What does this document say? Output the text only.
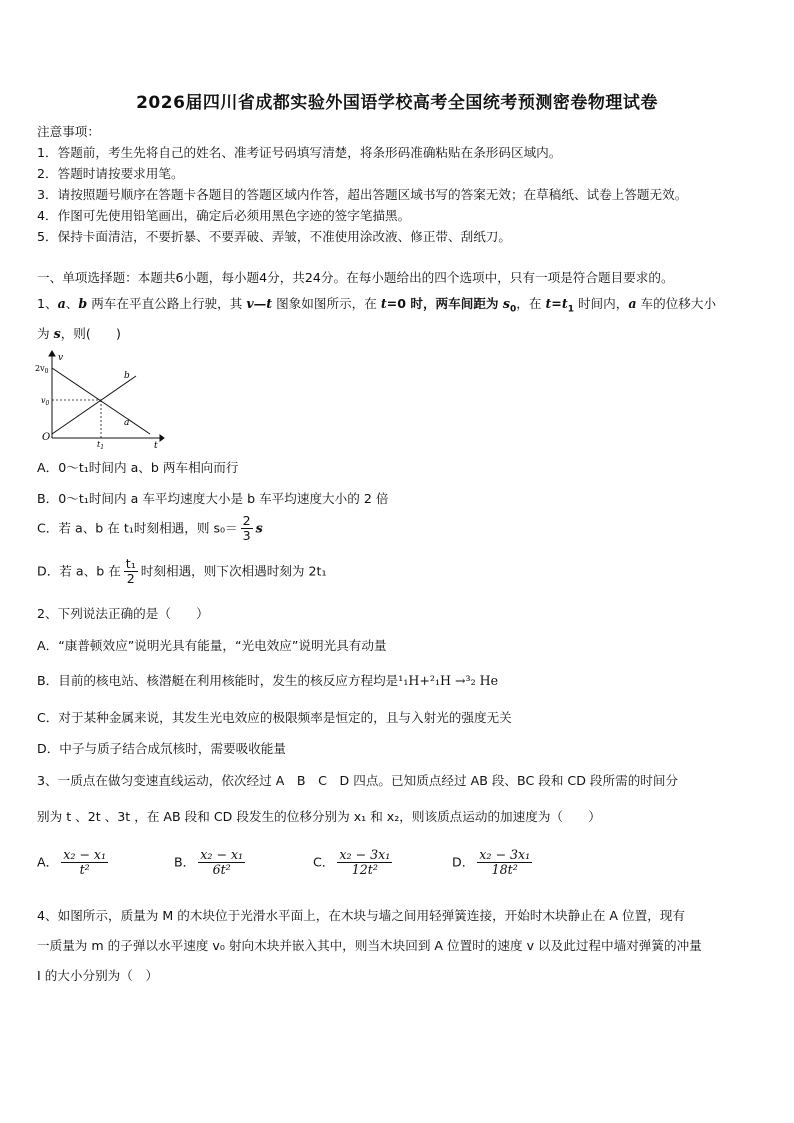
2026届四川省成都实验外国语学校高考全国统考预测密卷物理试卷
注意事项：
1．答题前，考生先将自己的姓名、准考证号码填写清楚，将条形码准确粘贴在条形码区域内。
2．答题时请按要求用笔。
3．请按照题号顺序在答题卡各题目的答题区域内作答，超出答题区域书写的答案无效；在草稿纸、试卷上答题无效。
4．作图可先使用铅笔画出，确定后必须用黑色字迹的签字笔描黑。
5．保持卡面清洁，不要折暴、不要弄破、弄皱，不准使用涂改液、修正带、刮纸刀。
一、单项选择题：本题共6小题，每小题4分，共24分。在每小题给出的四个选项中，只有一项是符合题目要求的。
1、a、b 两车在平直公路上行驶，其 v—t 图象如图所示，在 t=0 时，两车间距为 $s_0$，在 $t=t_1$ 时间内，a 车的位移大小
为 s，则(　　)
v
t
O
$2v_0$
$v_0$
$t_1$
a
b
A．0～t₁时间内 a、b 两车相向而行
B．0～t₁时间内 a 车平均速度大小是 b 车平均速度大小的 2 倍
C．若 a、b 在 t₁时刻相遇，则 $s_0= \frac{2}{3}$ s
D．若 a、b 在 $\frac{\text{t₁}}{2}$ 时刻相遇，则下次相遇时刻为 2t₁
2、下列说法正确的是（　　）
A．“康普顿效应”说明光具有能量，“光电效应”说明光具有动量
B．目前的核电站、核潜艇在利用核能时，发生的核反应方程均是¹₁H+²₁H →³₂ He
C．对于某种金属来说，其发生光电效应的极限频率是恒定的，且与入射光的强度无关
D．中子与质子结合成氘核时，需要吸收能量
3、一质点在做匀变速直线运动，依次经过 A　B　C　D 四点。已知质点经过 AB 段、BC 段和 CD 段所需的时间分
别为 t 、2t 、3t ，在 AB 段和 CD 段发生的位移分别为 x₁ 和 x₂，则该质点运动的加速度为（　　）
A． $\frac{\text{x₂ − x₁}}{\text{t²}}$	B． $\frac{\text{x₂ − x₁}}{\text{6t²}}$	C． $\frac{\text{x₂ − 3x₁}}{\text{12t²}}$	D． $\frac{\text{x₂ − 3x₁}}{\text{18t²}}$
4、如图所示，质量为 M 的木块位于光滑水平面上，在木块与墙之间用轻弹簧连接，开始时木块静止在 A 位置，现有
一质量为 m 的子弹以水平速度 v₀ 射向木块并嵌入其中，则当木块回到 A 位置时的速度 v 以及此过程中墙对弹簧的冲量
I 的大小分别为（　）
